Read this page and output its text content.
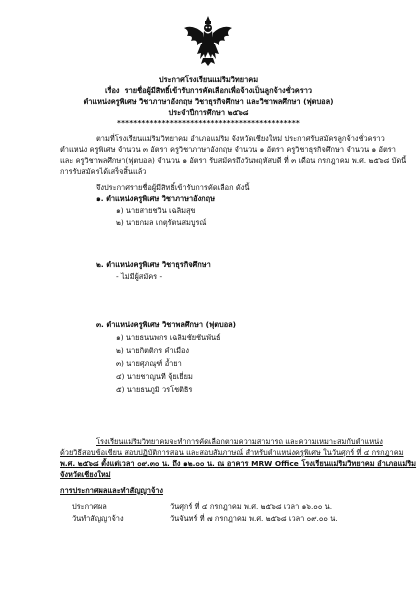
ประกาศโรงเรียนแม่ริมวิทยาคม
เรื่อง รายชื่อผู้มีสิทธิ์เข้ารับการคัดเลือกเพื่อจ้างเป็นลูกจ้างชั่วคราว
ตำแหน่งครูพิเศษ วิชาภาษาอังกฤษ วิชาธุรกิจศึกษา และวิชาพลศึกษา (ฟุตบอล)
ประจำปีการศึกษา ๒๕๖๘
*********************************************
ตามที่โรงเรียนแม่ริมวิทยาคม อำเภอแม่ริม จังหวัดเชียงใหม่ ประกาศรับสมัครลูกจ้างชั่วคราว
ตำแหน่ง ครูพิเศษ จำนวน ๓ อัตรา ครูวิชาภาษาอังกฤษ จำนวน ๑ อัตรา ครูวิชาธุรกิจศึกษา จำนวน ๑ อัตรา
และ ครูวิชาพลศึกษา(ฟุตบอล) จำนวน ๑ อัตรา รับสมัครถึงวันพฤหัสบดี ที่ ๓ เดือน กรกฎาคม พ.ศ. ๒๕๖๘ บัดนี้
การรับสมัครได้เสร็จสิ้นแล้ว
จึงประกาศรายชื่อผู้มีสิทธิ์เข้ารับการคัดเลือก ดังนี้
๑. ตำแหน่งครูพิเศษ วิชาภาษาอังกฤษ
๑) นายสายชวิน เฉลิมสุข
๒) นายกมล เกตุรัตนสมบูรณ์
๒. ตำแหน่งครูพิเศษ วิชาธุรกิจศึกษา
- ไม่มีผู้สมัคร -
๓. ตำแหน่งครูพิเศษ วิชาพลศึกษา (ฟุตบอล)
๑) นายธนนพกร เฉลิมชัยชันพันธ์
๒) นายกิตติกร คำเมือง
๓) นายศุภณุฑ์ อ้ำยา
๔) นายชาญนที จุ้ยเยี่ยม
๕) นายธนภูมิ วรโชติธิร
โรงเรียนแม่ริมวิทยาคมจะทำการคัดเลือกตามความสามารถ และความเหมาะสมกับตำแหน่ง
ด้วยวิธีสอบข้อเขียน สอบปฏิบัติการสอน และสอบสัมภาษณ์ สำหรับตำแหน่งครูพิเศษ ในวันศุกร์ ที่ ๔ กรกฎาคม
พ.ศ. ๒๕๖๘ ตั้งแต่เวลา ๐๙.๓๐ น. ถึง ๑๒.๐๐ น. ณ อาคาร MRW Office โรงเรียนแม่ริมวิทยาคม อำเภอแม่ริม
จังหวัดเชียงใหม่
การประกาศผลและทำสัญญาจ้าง
ประกาศผล	วันศุกร์ ที่ ๔ กรกฎาคม พ.ศ. ๒๕๖๘ เวลา ๑๖.๐๐ น.
วันทำสัญญาจ้าง	วันจันทร์ ที่ ๗ กรกฎาคม พ.ศ. ๒๕๖๘ เวลา ๐๙.๐๐ น.
